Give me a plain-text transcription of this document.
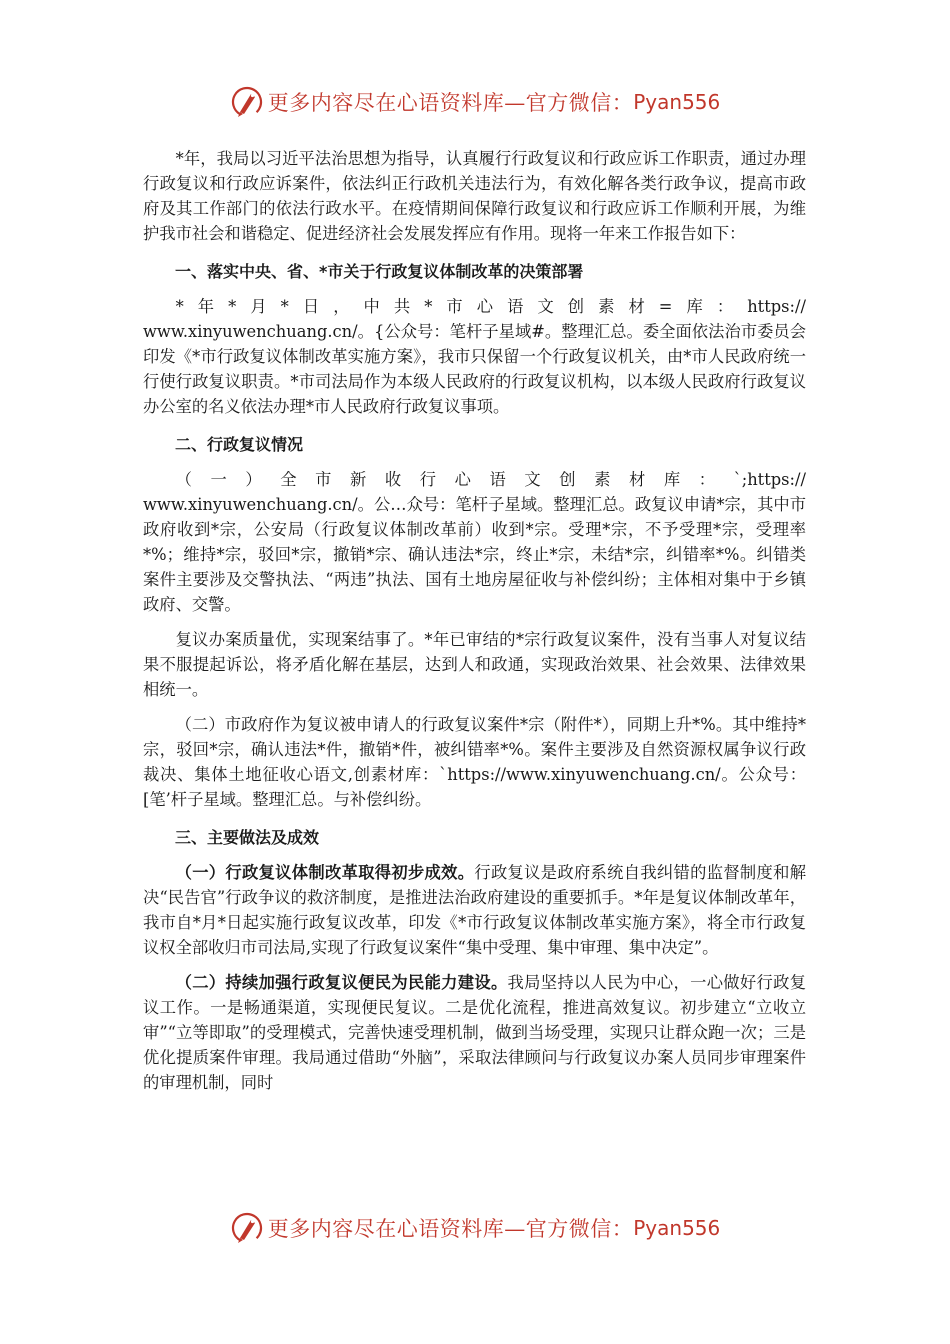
更多内容尽在心语资料库—官方微信： Pyan556

*年，我局以习近平法治思想为指导，认真履行行政复议和行政应诉工作职责，通过办理行政复议和行政应诉案件，依法纠正行政机关违法行为，有效化解各类行政争议，提高市政府及其工作部门的依法行政水平。在疫情期间保障行政复议和行政应诉工作顺利开展，为维护我市社会和谐稳定、促进经济社会发展发挥应有作用。现将一年来工作报告如下：

一、落实中央、省、*市关于行政复议体制改革的决策部署

*年*月*日，中共*市心语文创素材=库：https://

www.xinyuwenchuang.cn/。{公众号：笔杆子星域#。整理汇总。委全面依法治市委员会印发《*市行政复议体制改革实施方案》，我市只保留一个行政复议机关，由*市人民政府统一行使行政复议职责。*市司法局作为本级人民政府的行政复议机构，以本级人民政府行政复议办公室的名义依法办理*市人民政府行政复议事项。

二、行政复议情况

（一）全市新收行心语文创素材库：`;https://

www.xinyuwenchuang.cn/。公…众号：笔杆子星域。整理汇总。政复议申请*宗，其中市政府收到*宗，公安局（行政复议体制改革前）收到*宗。受理*宗，不予受理*宗，受理率*%；维持*宗，驳回*宗，撤销*宗、确认违法*宗，终止*宗，未结*宗，纠错率*%。纠错类案件主要涉及交警执法、“两违”执法、国有土地房屋征收与补偿纠纷；主体相对集中于乡镇政府、交警。

复议办案质量优，实现案结事了。*年已审结的*宗行政复议案件，没有当事人对复议结果不服提起诉讼，将矛盾化解在基层，达到人和政通，实现政治效果、社会效果、法律效果相统一。

（二）市政府作为复议被申请人的行政复议案件*宗（附件*），同期上升*%。其中维持*宗，驳回*宗，确认违法*件，撤销*件，被纠错率*%。案件主要涉及自然资源权属争议行政裁决、集体土地征收心语文,创素材库：`https://www.xinyuwenchuang.cn/。公众号：[笔’杆子星域。整理汇总。与补偿纠纷。

三、主要做法及成效

（一）行政复议体制改革取得初步成效。行政复议是政府系统自我纠错的监督制度和解决“民告官”行政争议的救济制度，是推进法治政府建设的重要抓手。*年是复议体制改革年，我市自*月*日起实施行政复议改革，印发《*市行政复议体制改革实施方案》，将全市行政复议权全部收归市司法局,实现了行政复议案件“集中受理、集中审理、集中决定”。

（二）持续加强行政复议便民为民能力建设。我局坚持以人民为中心，一心做好行政复议工作。一是畅通渠道，实现便民复议。二是优化流程，推进高效复议。初步建立“立收立审”“立等即取”的受理模式，完善快速受理机制，做到当场受理，实现只让群众跑一次；三是优化提质案件审理。我局通过借助“外脑”，采取法律顾问与行政复议办案人员同步审理案件的审理机制，同时

更多内容尽在心语资料库—官方微信： Pyan556
